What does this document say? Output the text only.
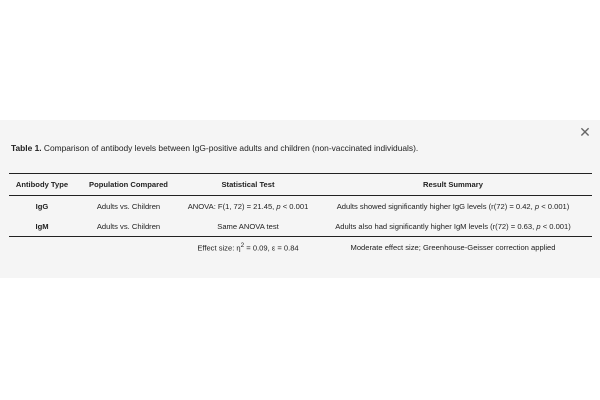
✕
Table 1. Comparison of antibody levels between IgG-positive adults and children (non-vaccinated individuals).
Antibody Type	Population Compared	Statistical Test	Result Summary
IgG	Adults vs. Children	ANOVA: F(1, 72) = 21.45, p < 0.001	Adults showed significantly higher IgG levels (r(72) = 0.42, p < 0.001)
IgM	Adults vs. Children	Same ANOVA test	Adults also had significantly higher IgM levels (r(72) = 0.63, p < 0.001)
		Effect size: $\eta^2 = 0.09$, ε = 0.84	Moderate effect size; Greenhouse-Geisser correction applied
